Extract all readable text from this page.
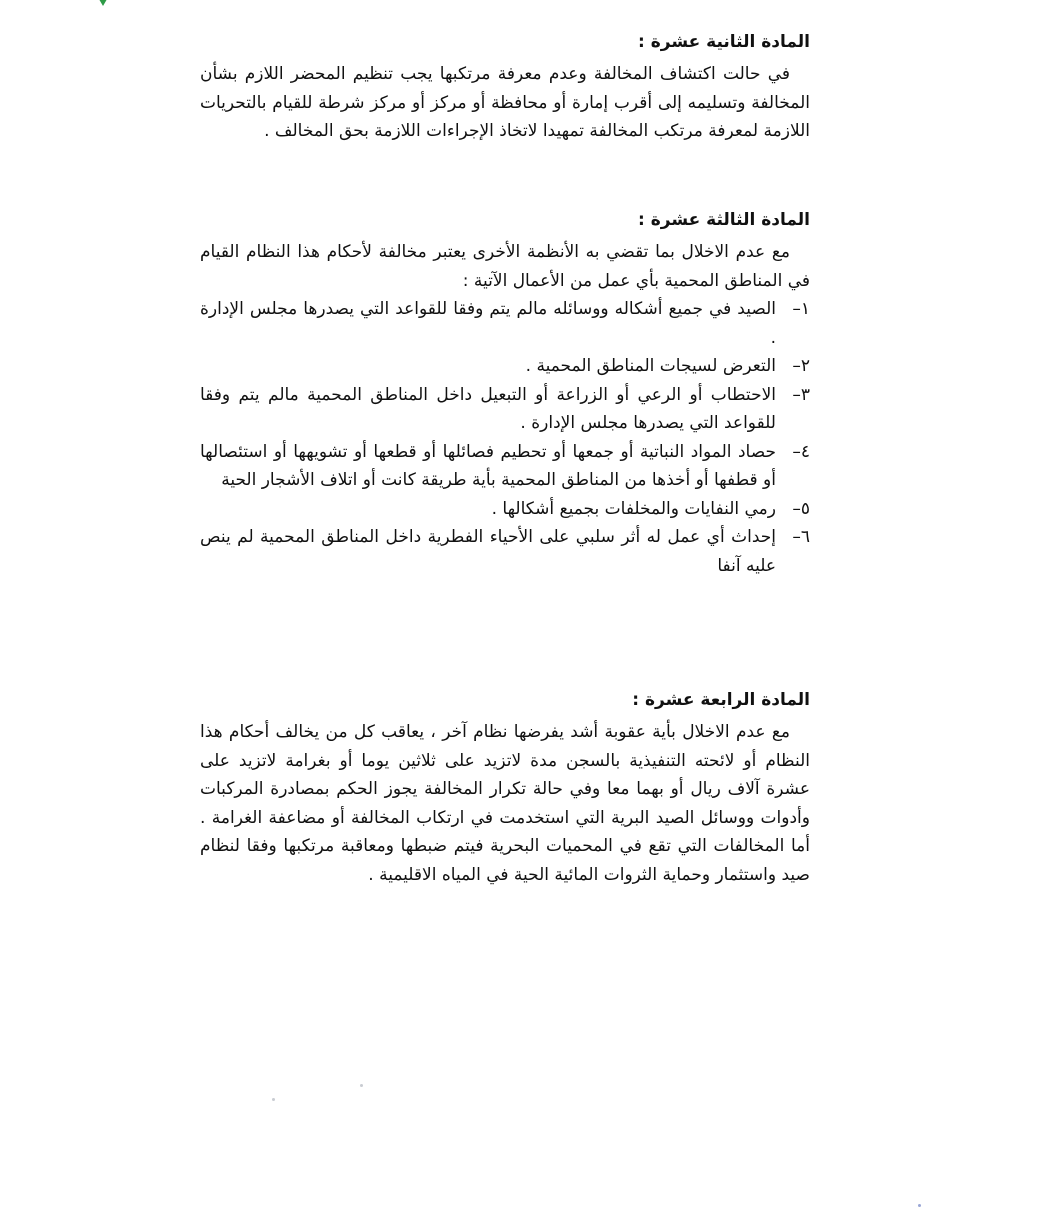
المادة الثانية عشرة :

في حالت اكتشاف المخالفة وعدم معرفة مرتكبها يجب تنظيم المحضر اللازم بشأن المخالفة وتسليمه إلى أقرب إمارة أو محافظة أو مركز أو مركز شرطة للقيام بالتحريات اللازمة لمعرفة مرتكب المخالفة تمهيدا لاتخاذ الإجراءات اللازمة بحق المخالف .

المادة الثالثة عشرة :

مع عدم الاخلال بما تقضي به الأنظمة الأخرى يعتبر مخالفة لأحكام هذا النظام القيام في المناطق المحمية بأي عمل من الأعمال الآتية :

١–
الصيد في جميع أشكاله ووسائله مالم يتم وفقا للقواعد التي يصدرها مجلس الإدارة .
٢–
التعرض لسيجات المناطق المحمية .
٣–
الاحتطاب أو الرعي أو الزراعة أو التبعيل داخل المناطق المحمية مالم يتم وفقا للقواعد التي يصدرها مجلس الإدارة .
٤–
حصاد المواد النباتية أو جمعها أو تحطيم فصائلها أو قطعها أو تشويهها أو استئصالها أو قطفها أو أخذها من المناطق المحمية بأية طريقة كانت أو اتلاف الأشجار الحية
٥–
رمي النفايات والمخلفات بجميع أشكالها .
٦–
إحداث أي عمل له أثر سلبي على الأحياء الفطرية داخل المناطق المحمية لم ينص عليه آنفا
المادة الرابعة عشرة :

مع عدم الاخلال بأية عقوبة أشد يفرضها نظام آخر ، يعاقب كل من يخالف أحكام هذا النظام أو لائحته التنفيذية بالسجن مدة لاتزيد على ثلاثين يوما أو بغرامة لاتزيد على عشرة آلاف ريال أو بهما معا وفي حالة تكرار المخالفة يجوز الحكم بمصادرة المركبات وأدوات ووسائل الصيد البرية التي استخدمت في ارتكاب المخالفة أو مضاعفة الغرامة . أما المخالفات التي تقع في المحميات البحرية فيتم ضبطها ومعاقبة مرتكبها وفقا لنظام صيد واستثمار وحماية الثروات المائية الحية في المياه الاقليمية .
